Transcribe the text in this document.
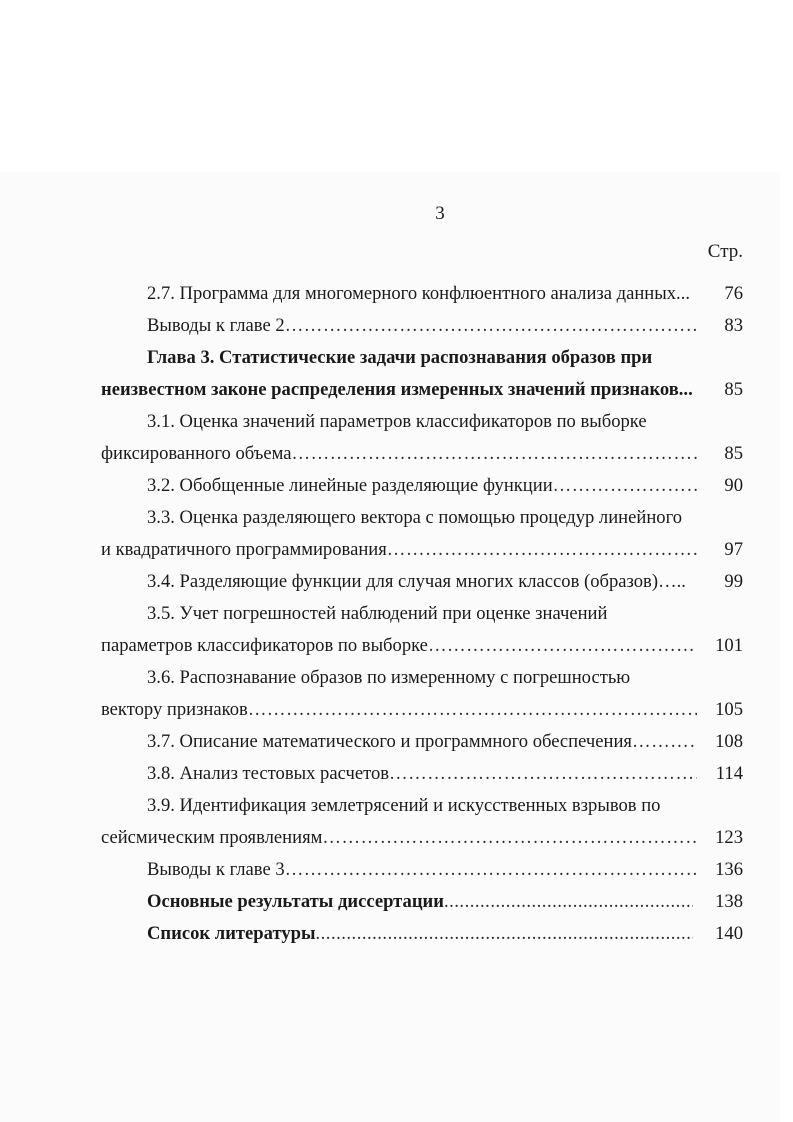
3
Стр.
2.7. Программа для многомерного конфлюентного анализа данных...	76
Выводы к главе 2 ………………………………………………………………………………………………………………………………………………………………………………………………………………………………	83
Глава 3. Статистические задачи распознавания образов при
неизвестном законе распределения измеренных значений признаков...	85
3.1. Оценка значений параметров классификаторов по выборке
фиксированного объема ………………………………………………………………………………………………………………………………………………………………………………………………………………………………	85
3.2. Обобщенные линейные разделяющие функции ………………………………………………………………………………………………………………………………………………………………………………………………………………………………	90
3.3. Оценка разделяющего вектора с помощью процедур линейного
и квадратичного программирования ………………………………………………………………………………………………………………………………………………………………………………………………………………………………	97
3.4. Разделяющие функции для случая многих классов (образов)…..	99
3.5. Учет погрешностей наблюдений при оценке значений
параметров классификаторов по выборке ………………………………………………………………………………………………………………………………………………………………………………………………………………………………	101
3.6. Распознавание образов по измеренному с погрешностью
вектору признаков ………………………………………………………………………………………………………………………………………………………………………………………………………………………………	105
3.7. Описание математического и программного обеспечения ………………………………………………………………………………………………………………………………………………………………………………………………………………………………	108
3.8. Анализ тестовых расчетов ………………………………………………………………………………………………………………………………………………………………………………………………………………………………	114
3.9. Идентификация землетрясений и искусственных взрывов по
сейсмическим проявлениям ………………………………………………………………………………………………………………………………………………………………………………………………………………………………	123
Выводы к главе 3 ………………………………………………………………………………………………………………………………………………………………………………………………………………………………	136
Основные результаты диссертации .....	138
Список литературы .....	140
